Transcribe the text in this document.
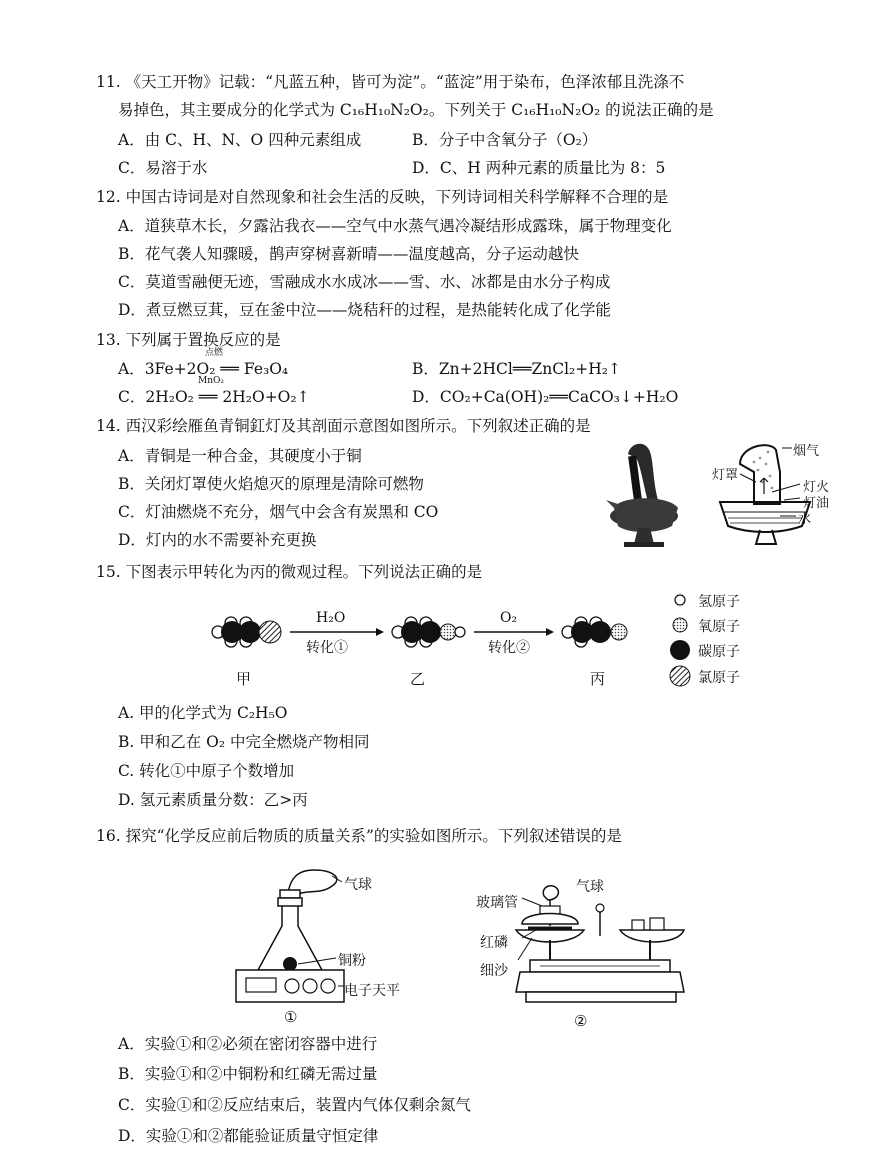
11. 《天工开物》记载：“凡蓝五种，皆可为淀”。“蓝淀”用于染布，色泽浓郁且洗涤不
易掉色，其主要成分的化学式为 C₁₆H₁₀N₂O₂。下列关于 C₁₆H₁₀N₂O₂ 的说法正确的是
A．由 C、H、N、O 四种元素组成	B．分子中含氧分子（O₂）
C．易溶于水	D．C、H 两种元素的质量比为 8：5
12. 中国古诗词是对自然现象和社会生活的反映，下列诗词相关科学解释不合理的是
A．道狭草木长，夕露沾我衣——空气中水蒸气遇冷凝结形成露珠，属于物理变化
B．花气袭人知骤暖，鹊声穿树喜新晴——温度越高，分子运动越快
C．莫道雪融便无迹，雪融成水水成冰——雪、水、冰都是由水分子构成
D．煮豆燃豆萁，豆在釜中泣——烧秸秆的过程，是热能转化成了化学能
13. 下列属于置换反应的是
点燃
A．3Fe+2O₂ ══ Fe₃O₄	B．Zn+2HCl══ZnCl₂+H₂↑
MnO₂
C．2H₂O₂ ══ 2H₂O+O₂↑	D．CO₂+Ca(OH)₂══CaCO₃↓+H₂O
14. 西汉彩绘雁鱼青铜釭灯及其剖面示意图如图所示。下列叙述正确的是
A．青铜是一种合金，其硬度小于铜
B．关闭灯罩使火焰熄灭的原理是清除可燃物
C．灯油燃烧不充分，烟气中会含有炭黑和 CO
D．灯内的水不需要补充更换
烟气
灯罩
灯火
灯油
水
15. 下图表示甲转化为丙的微观过程。下列说法正确的是
H₂O
转化①
O₂
转化②
甲	乙	丙
氢原子
氧原子
碳原子
氯原子
A. 甲的化学式为 C₂H₅O
B. 甲和乙在 O₂ 中完全燃烧产物相同
C. 转化①中原子个数增加
D. 氢元素质量分数：乙>丙
16. 探究“化学反应前后物质的质量关系”的实验如图所示。下列叙述错误的是
气球
铜粉
电子天平
①
玻璃管
气球
红磷
细沙
②
A．实验①和②必须在密闭容器中进行
B．实验①和②中铜粉和红磷无需过量
C．实验①和②反应结束后，装置内气体仅剩余氮气
D．实验①和②都能验证质量守恒定律
